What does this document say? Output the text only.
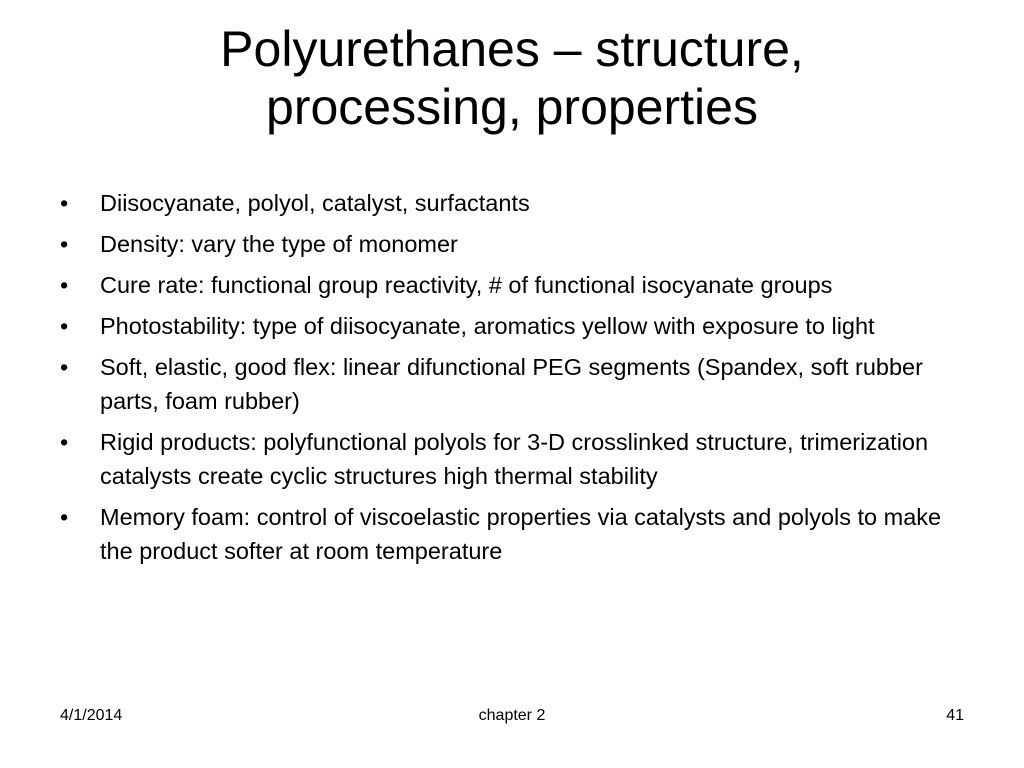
Polyurethanes – structure,
processing, properties
•	Diisocyanate, polyol, catalyst, surfactants
•	Density: vary the type of monomer
•	Cure rate: functional group reactivity, # of functional isocyanate groups
•	Photostability: type of diisocyanate, aromatics yellow with exposure to light
•	Soft, elastic, good flex: linear difunctional PEG segments (Spandex, soft rubber parts, foam rubber)
•	Rigid products: polyfunctional polyols for 3-D crosslinked structure, trimerization catalysts create cyclic structures high thermal stability
•	Memory foam: control of viscoelastic properties via catalysts and polyols to make the product softer at room temperature
4/1/2014	chapter 2	41
